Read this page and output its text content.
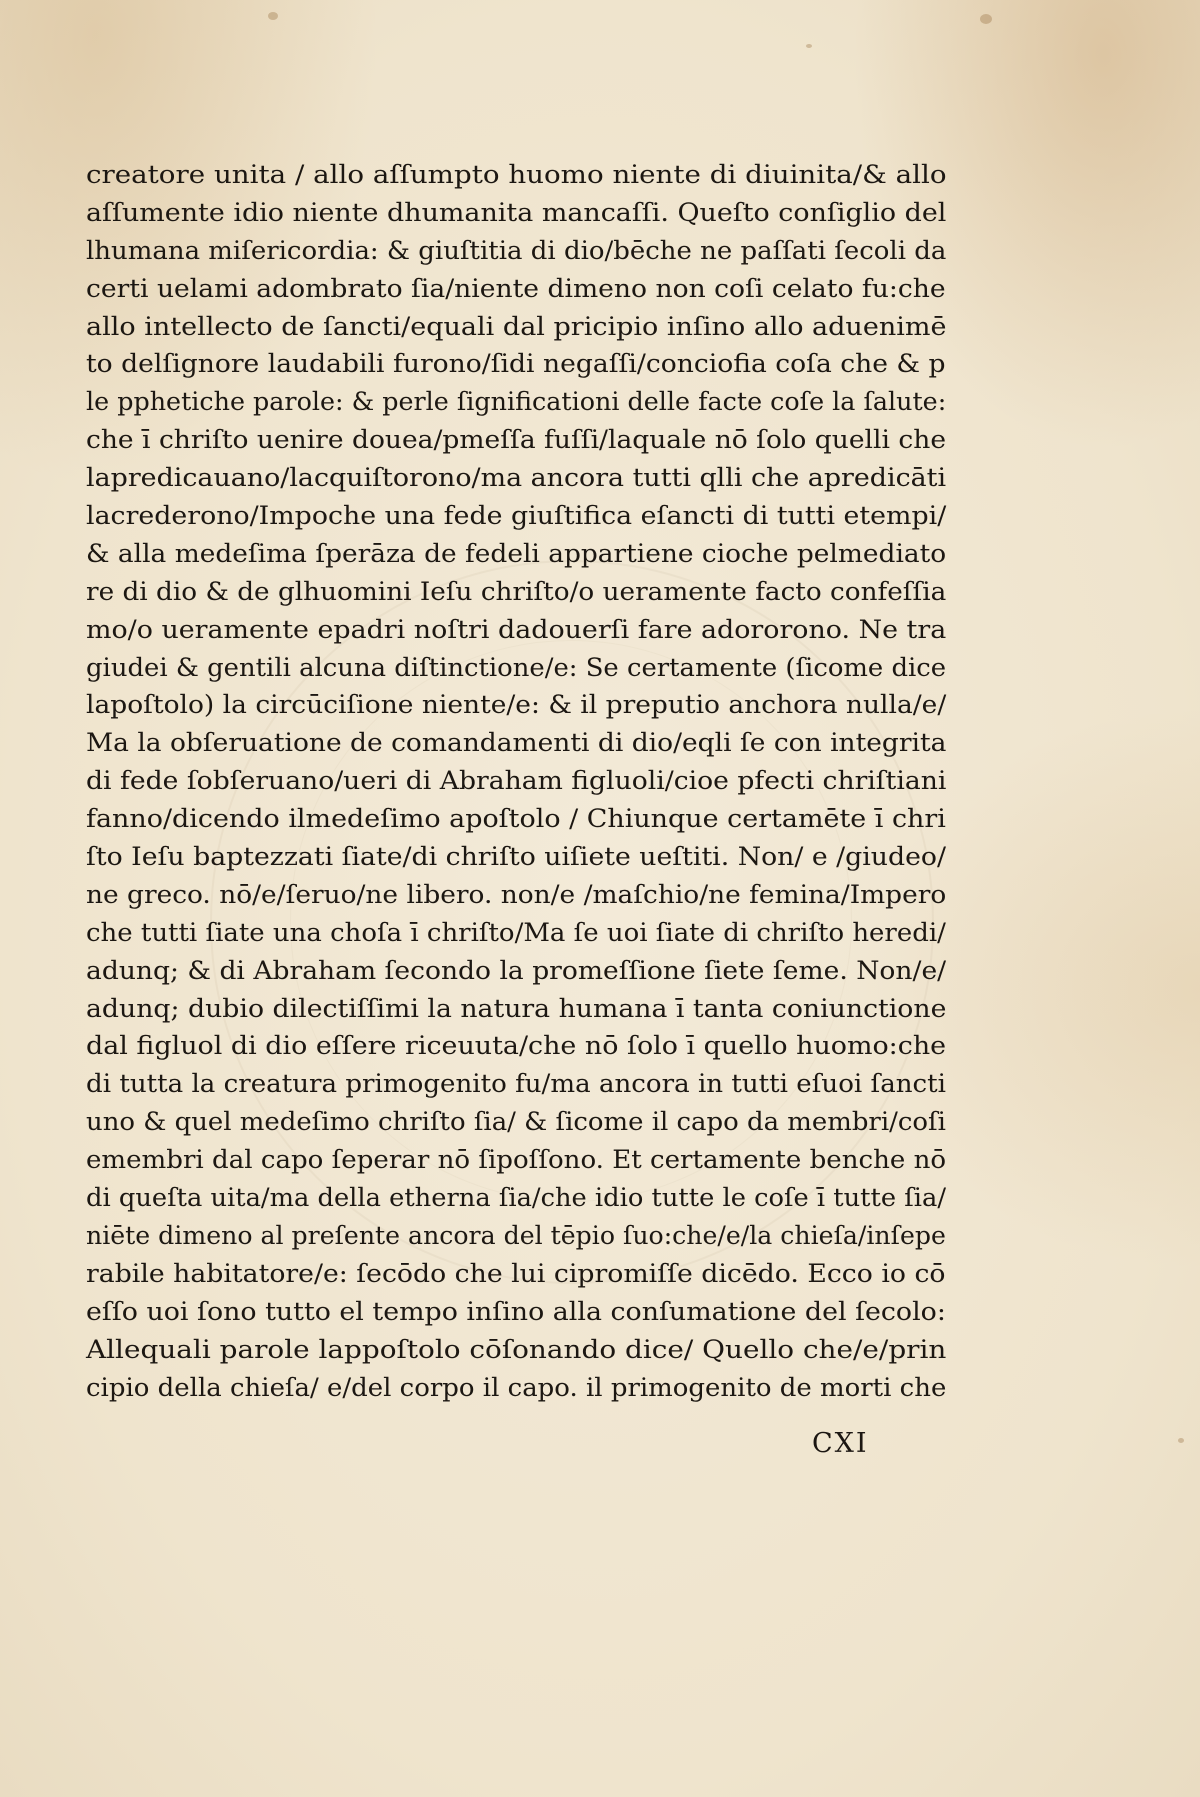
creatore unita / allo aſſumpto huomo niente di diuinita/& allo
aſſumente idio niente dhumanita mancaſſi. Queſto conſiglio del
lhumana miſericordia: & giuſtitia di dio/bēche ne paſſati ſecoli da
certi uelami adombrato ſia/niente dimeno non coſi celato fu:che
allo intellecto de ſancti/equali dal pricipio inſino allo aduenimē
to delſignore laudabili furono/ſidi negaſſi/conciofia coſa che & p
le pphetiche parole: & perle ſignificationi delle facte coſe la ſalute:
che ī chriſto uenire douea/pmeſſa fuſſi/laquale nō ſolo quelli che
lapredicauano/lacquiſtorono/ma ancora tutti qlli che apredicāti
lacrederono/Impoche una fede giuſtifica eſancti di tutti etempi/
& alla medeſima ſperāza de fedeli appartiene cioche pelmediato
re di dio & de glhuomini Ieſu chriſto/o ueramente facto confeſſia
mo/o ueramente epadri noſtri dadouerſi fare adororono. Ne tra
giudei & gentili alcuna diſtinctione/e: Se certamente (ſicome dice
lapoſtolo) la circūciſione niente/e: & il preputio anchora nulla/e/
Ma la obſeruatione de comandamenti di dio/eqli ſe con integrita
di fede ſobſeruano/ueri di Abraham figluoli/cioe pfecti chriſtiani
fanno/dicendo ilmedeſimo apoſtolo / Chiunque certamēte ī chri
ſto Ieſu baptezzati ſiate/di chriſto uiſiete ueſtiti. Non/ e /giudeo/
ne greco. nō/e/ſeruo/ne libero. non/e /maſchio/ne femina/Impero
che tutti ſiate una choſa ī chriſto/Ma ſe uoi ſiate di chriſto heredi/
adunq; & di Abraham ſecondo la promeſſione ſiete ſeme. Non/e/
adunq; dubio dilectiſſimi la natura humana ī tanta coniunctione
dal figluol di dio eſſere riceuuta/che nō ſolo ī quello huomo:che
di tutta la creatura primogenito fu/ma ancora in tutti eſuoi ſancti
uno & quel medeſimo chriſto ſia/ & ſicome il capo da membri/coſi
emembri dal capo ſeperar nō ſipoſſono. Et certamente benche nō
di queſta uita/ma della etherna ſia/che idio tutte le coſe ī tutte ſia/
niēte dimeno al preſente ancora del tēpio ſuo:che/e/la chieſa/inſepe
rabile habitatore/e: ſecōdo che lui cipromiſſe dicēdo. Ecco io cō
eſſo uoi ſono tutto el tempo inſino alla conſumatione del ſecolo:
Allequali parole lappoſtolo cōſonando dice/ Quello che/e/prin
cipio della chieſa/ e/del corpo il capo. il primogenito de morti che
CXI
